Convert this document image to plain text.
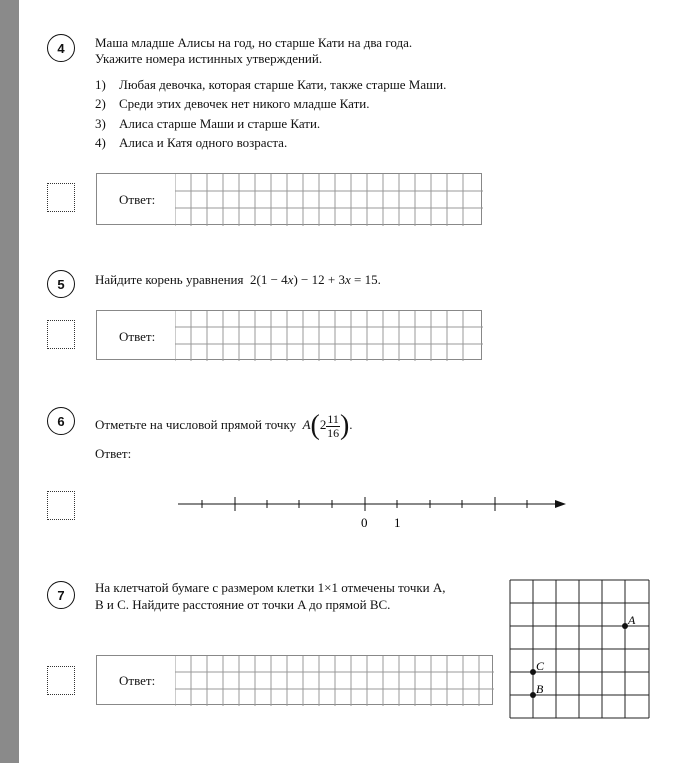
4 Маша младше Алисы на год, но старше Кати на два года.
Укажите номера истинных утверждений.
1) Любая девочка, которая старше Кати, также старше Маши.
2) Среди этих девочек нет никого младше Кати.
3) Алиса старше Маши и старше Кати.
4) Алиса и Катя одного возраста.
Ответ:
5 Найдите корень уравнения 2(1 − 4x) − 12 + 3x = 15.
Ответ:
6 Отметьте на числовой прямой точку $A(2 \frac{11}{16}$ ).
Ответ:
0 1
7 На клетчатой бумаге с размером клетки 1×1 отмечены точки A,
B и C. Найдите расстояние от точки A до прямой BC.
Ответ:
A
C
B
